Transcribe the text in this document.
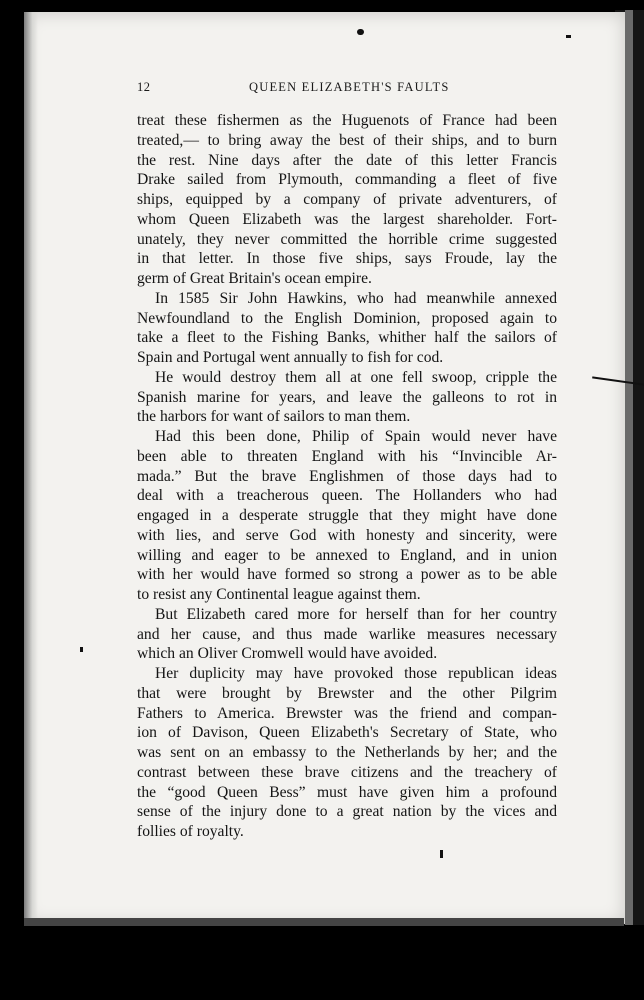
12	QUEEN ELIZABETH'S FAULTS
treat these fishermen as the Huguenots of France had been
treated,— to bring away the best of their ships, and to burn
the rest. Nine days after the date of this letter Francis
Drake sailed from Plymouth, commanding a fleet of five
ships, equipped by a company of private adventurers, of
whom Queen Elizabeth was the largest shareholder. Fort-
unately, they never committed the horrible crime suggested
in that letter. In those five ships, says Froude, lay the
germ of Great Britain's ocean empire.
In 1585 Sir John Hawkins, who had meanwhile annexed
Newfoundland to the English Dominion, proposed again to
take a fleet to the Fishing Banks, whither half the sailors of
Spain and Portugal went annually to fish for cod.
He would destroy them all at one fell swoop, cripple the
Spanish marine for years, and leave the galleons to rot in
the harbors for want of sailors to man them.
Had this been done, Philip of Spain would never have
been able to threaten England with his “Invincible Ar-
mada.” But the brave Englishmen of those days had to
deal with a treacherous queen. The Hollanders who had
engaged in a desperate struggle that they might have done
with lies, and serve God with honesty and sincerity, were
willing and eager to be annexed to England, and in union
with her would have formed so strong a power as to be able
to resist any Continental league against them.
But Elizabeth cared more for herself than for her country
and her cause, and thus made warlike measures necessary
which an Oliver Cromwell would have avoided.
Her duplicity may have provoked those republican ideas
that were brought by Brewster and the other Pilgrim
Fathers to America. Brewster was the friend and compan-
ion of Davison, Queen Elizabeth's Secretary of State, who
was sent on an embassy to the Netherlands by her; and the
contrast between these brave citizens and the treachery of
the “good Queen Bess” must have given him a profound
sense of the injury done to a great nation by the vices and
follies of royalty.
